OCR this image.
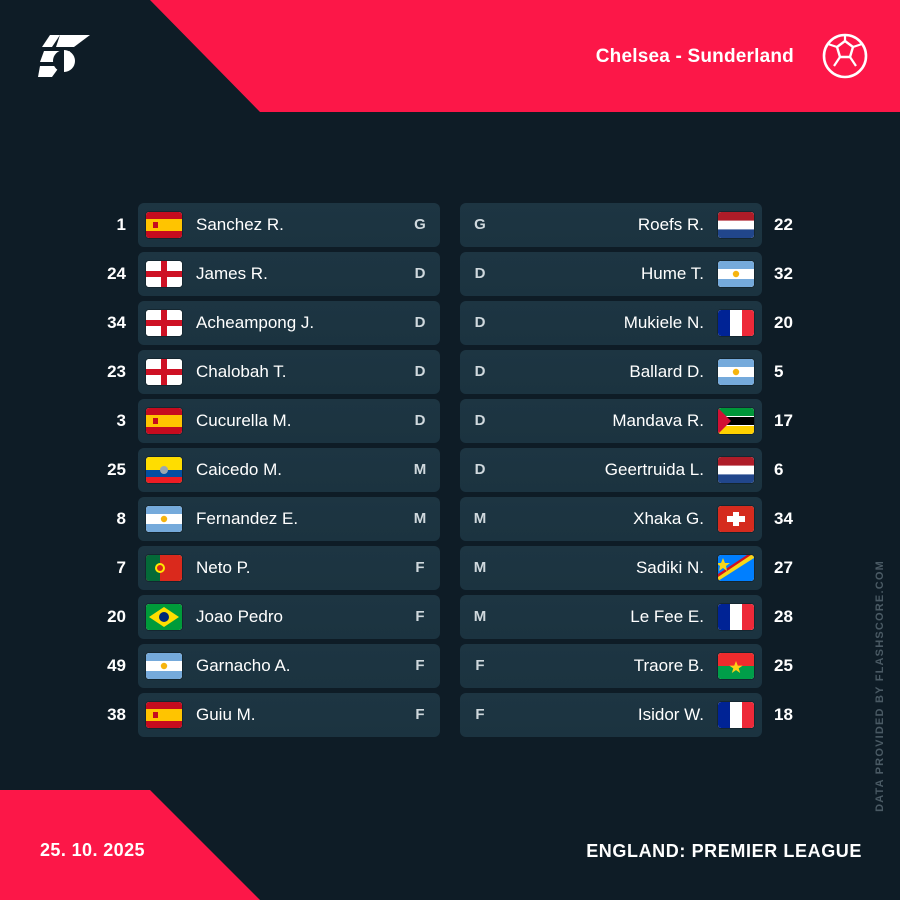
Chelsea - Sunderland
1	Sanchez R.	G	G	Roefs R.	22
24	James R.	D	D	Hume T.	32
34	Acheampong J.	D	D	Mukiele N.	20
23	Chalobah T.	D	D	Ballard D.	5
3	Cucurella M.	D	D	Mandava R.	17
25	Caicedo M.	M	D	Geertruida L.	6
8	Fernandez E.	M	M	Xhaka G.	34
7	Neto P.	F	M	Sadiki N.	27
20	Joao Pedro	F	M	Le Fee E.	28
49	Garnacho A.	F	F	Traore B.	25
38	Guiu M.	F	F	Isidor W.	18	DATA PROVIDED BY FLASHSCORE.COM
25. 10. 2025	ENGLAND: PREMIER LEAGUE
